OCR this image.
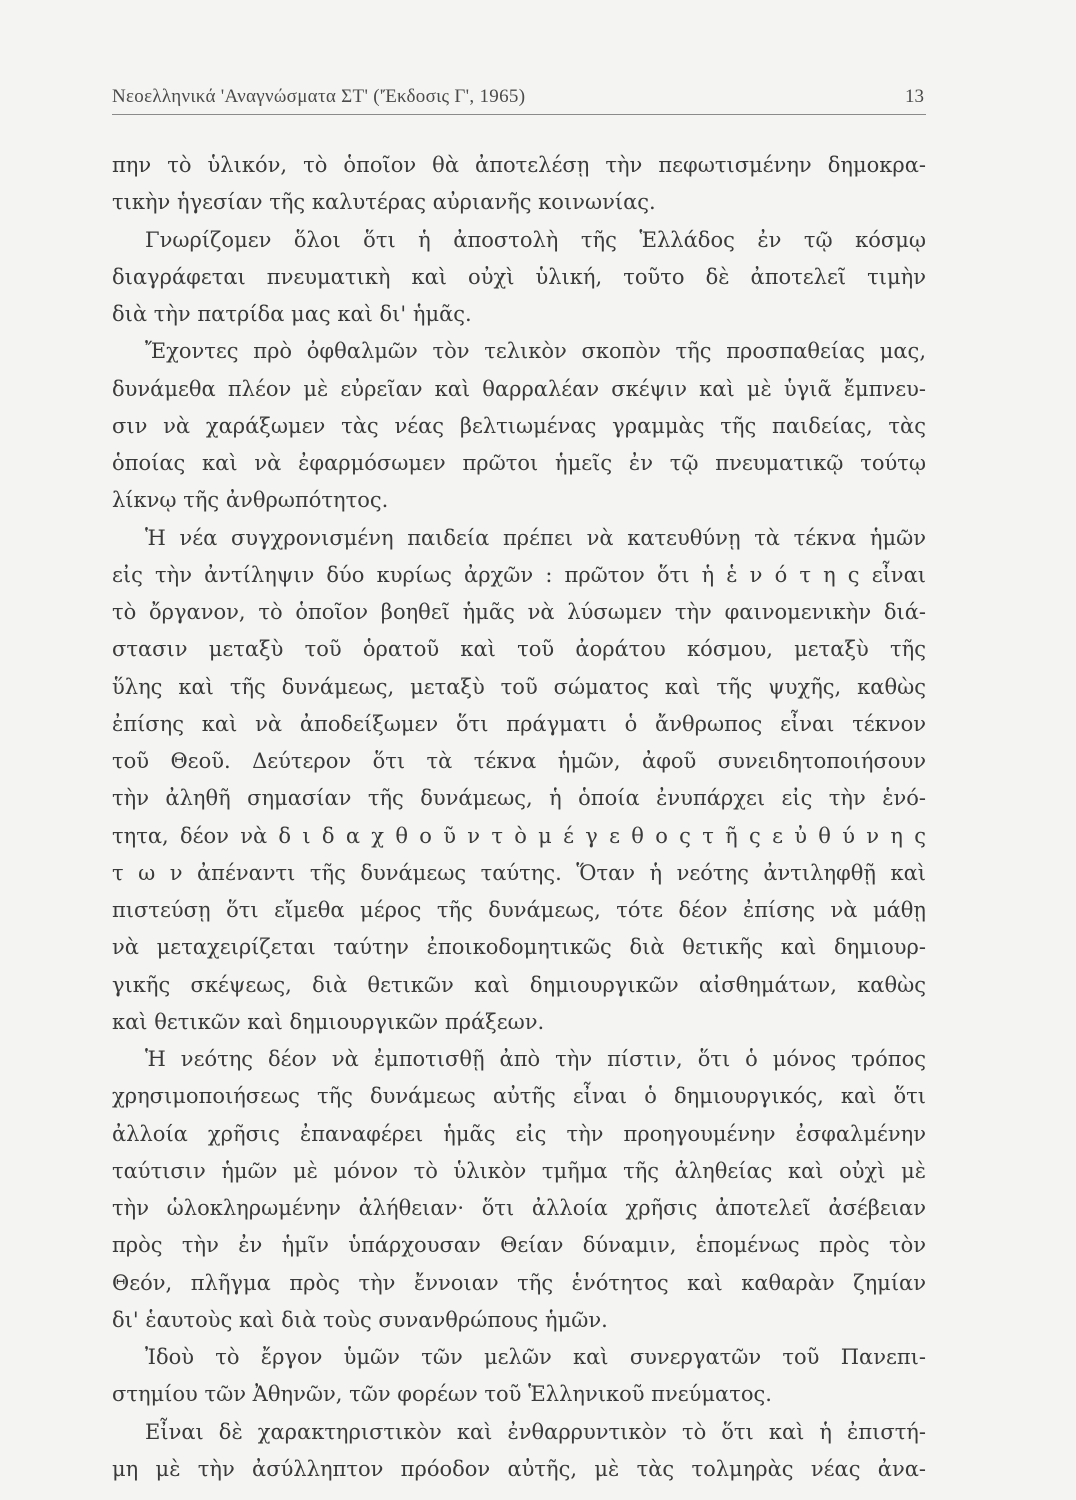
Νεοελληνικά 'Αναγνώσματα ΣΤ' ('Έκδοσις Γ', 1965)	13
πην τὸ ὑλικόν, τὸ ὁποῖον θὰ ἀποτελέσῃ τὴν πεφωτισμένην δημοκρα-
τικὴν ἡγεσίαν τῆς καλυτέρας αὐριανῆς κοινωνίας.
Γνωρίζομεν ὅλοι ὅτι ἡ ἀποστολὴ τῆς Ἑλλάδος ἐν τῷ κόσμῳ
διαγράφεται πνευματικὴ καὶ οὐχὶ ὑλική, τοῦτο δὲ ἀποτελεῖ τιμὴν
διὰ τὴν πατρίδα μας καὶ δι' ἡμᾶς.
Ἔχοντες πρὸ ὀφθαλμῶν τὸν τελικὸν σκοπὸν τῆς προσπαθείας μας,
δυνάμεθα πλέον μὲ εὐρεῖαν καὶ θαρραλέαν σκέψιν καὶ μὲ ὑγιᾶ ἔμπνευ-
σιν νὰ χαράξωμεν τὰς νέας βελτιωμένας γραμμὰς τῆς παιδείας, τὰς
ὁποίας καὶ νὰ ἐφαρμόσωμεν πρῶτοι ἡμεῖς ἐν τῷ πνευματικῷ τούτῳ
λίκνῳ τῆς ἀνθρωπότητος.
Ἡ νέα συγχρονισμένη παιδεία πρέπει νὰ κατευθύνῃ τὰ τέκνα ἡμῶν
εἰς τὴν ἀντίληψιν δύο κυρίως ἀρχῶν : πρῶτον ὅτι ἡ ἑ ν ό τ η ς εἶναι
τὸ ὄργανον, τὸ ὁποῖον βοηθεῖ ἡμᾶς νὰ λύσωμεν τὴν φαινομενικὴν διά-
στασιν μεταξὺ τοῦ ὁρατοῦ καὶ τοῦ ἀοράτου κόσμου, μεταξὺ τῆς
ὕλης καὶ τῆς δυνάμεως, μεταξὺ τοῦ σώματος καὶ τῆς ψυχῆς, καθὼς
ἐπίσης καὶ νὰ ἀποδείξωμεν ὅτι πράγματι ὁ ἄνθρωπος εἶναι τέκνον
τοῦ Θεοῦ. Δεύτερον ὅτι τὰ τέκνα ἡμῶν, ἀφοῦ συνειδητοποιήσουν
τὴν ἀληθῆ σημασίαν τῆς δυνάμεως, ἡ ὁποία ἐνυπάρχει εἰς τὴν ἑνό-
τητα, δέον νὰ δ ι δ α χ θ ο ῦ ν τ ὸ μ έ γ ε θ ο ς τ ῆ ς ε ὐ θ ύ ν η ς
τ ω ν ἀπέναντι τῆς δυνάμεως ταύτης. Ὅταν ἡ νεότης ἀντιληφθῇ καὶ
πιστεύσῃ ὅτι εἴμεθα μέρος τῆς δυνάμεως, τότε δέον ἐπίσης νὰ μάθῃ
νὰ μεταχειρίζεται ταύτην ἐποικοδομητικῶς διὰ θετικῆς καὶ δημιουρ-
γικῆς σκέψεως, διὰ θετικῶν καὶ δημιουργικῶν αἰσθημάτων, καθὼς
καὶ θετικῶν καὶ δημιουργικῶν πράξεων.
Ἡ νεότης δέον νὰ ἐμποτισθῇ ἀπὸ τὴν πίστιν, ὅτι ὁ μόνος τρόπος
χρησιμοποιήσεως τῆς δυνάμεως αὐτῆς εἶναι ὁ δημιουργικός, καὶ ὅτι
ἀλλοία χρῆσις ἐπαναφέρει ἡμᾶς εἰς τὴν προηγουμένην ἐσφαλμένην
ταύτισιν ἡμῶν μὲ μόνον τὸ ὑλικὸν τμῆμα τῆς ἀληθείας καὶ οὐχὶ μὲ
τὴν ὡλοκληρωμένην ἀλήθειαν· ὅτι ἀλλοία χρῆσις ἀποτελεῖ ἀσέβειαν
πρὸς τὴν ἐν ἡμῖν ὑπάρχουσαν Θείαν δύναμιν, ἑπομένως πρὸς τὸν
Θεόν, πλῆγμα πρὸς τὴν ἔννοιαν τῆς ἑνότητος καὶ καθαρὰν ζημίαν
δι' ἑαυτοὺς καὶ διὰ τοὺς συνανθρώπους ἡμῶν.
Ἰδοὺ τὸ ἔργον ὑμῶν τῶν μελῶν καὶ συνεργατῶν τοῦ Πανεπι-
στημίου τῶν Ἀθηνῶν, τῶν φορέων τοῦ Ἑλληνικοῦ πνεύματος.
Εἶναι δὲ χαρακτηριστικὸν καὶ ἐνθαρρυντικὸν τὸ ὅτι καὶ ἡ ἐπιστή-
μη μὲ τὴν ἀσύλληπτον πρόοδον αὐτῆς, μὲ τὰς τολμηρὰς νέας ἀνα-
